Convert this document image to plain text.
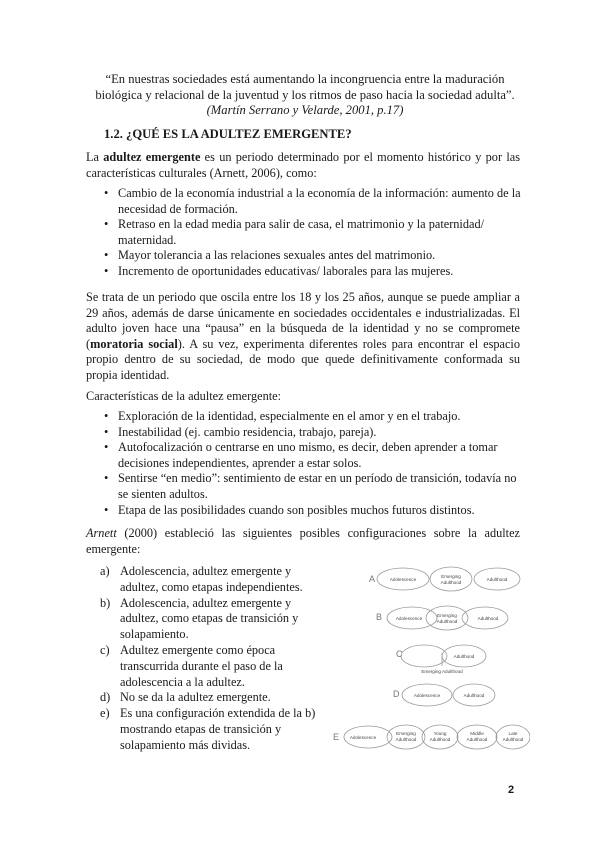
“En nuestras sociedades está aumentando la incongruencia entre la maduración
biológica y relacional de la juventud y los ritmos de paso hacia la sociedad adulta”.

(Martín Serrano y Velarde, 2001, p.17)
1.2. ¿QUÉ ES LA ADULTEZ EMERGENTE?

La adultez emergente es un periodo determinado por el momento histórico y por las características culturales (Arnett, 2006), como:

• Cambio de la economía industrial a la economía de la información: aumento de la necesidad de formación.
• Retraso en la edad media para salir de casa, el matrimonio y la paternidad/ maternidad.
• Mayor tolerancia a las relaciones sexuales antes del matrimonio.
• Incremento de oportunidades educativas/ laborales para las mujeres.

Se trata de un periodo que oscila entre los 18 y los 25 años, aunque se puede ampliar a 29 años, además de darse únicamente en sociedades occidentales e industrializadas. El adulto joven hace una “pausa” en la búsqueda de la identidad y no se compromete (moratoria social). A su vez, experimenta diferentes roles para encontrar el espacio propio dentro de su sociedad, de modo que quede definitivamente conformada su propia identidad.

Características de la adultez emergente:

• Exploración de la identidad, especialmente en el amor y en el trabajo.
• Inestabilidad (ej. cambio residencia, trabajo, pareja).
• Autofocalización o centrarse en uno mismo, es decir, deben aprender a tomar decisiones independientes, aprender a estar solos.
• Sentirse “en medio”: sentimiento de estar en un período de transición, todavía no se sienten adultos.
• Etapa de las posibilidades cuando son posibles muchos futuros distintos.

Arnett (2000) estableció las siguientes posibles configuraciones sobre la adultez emergente:

a) Adolescencia, adultez emergente y adultez, como etapas independientes.
b) Adolescencia, adultez emergente y adultez, como etapas de transición y solapamiento.
c) Adultez emergente como época transcurrida durante el paso de la adolescencia a la adultez.
d) No se da la adultez emergente.
e) Es una configuración extendida de la b) mostrando etapas de transición y solapamiento más dividas.
A	Adolescence
Emerging
Adulthood
Adulthood
B	Adolescence
Emerging
Adulthood
Adulthood
C	Adulthood
Emerging Adulthood
D	Adolescence	Adulthood
E Adolescence
Emerging
Adulthood
Young
Adulthood
Middle
Adulthood
Late
Adulthood
2
